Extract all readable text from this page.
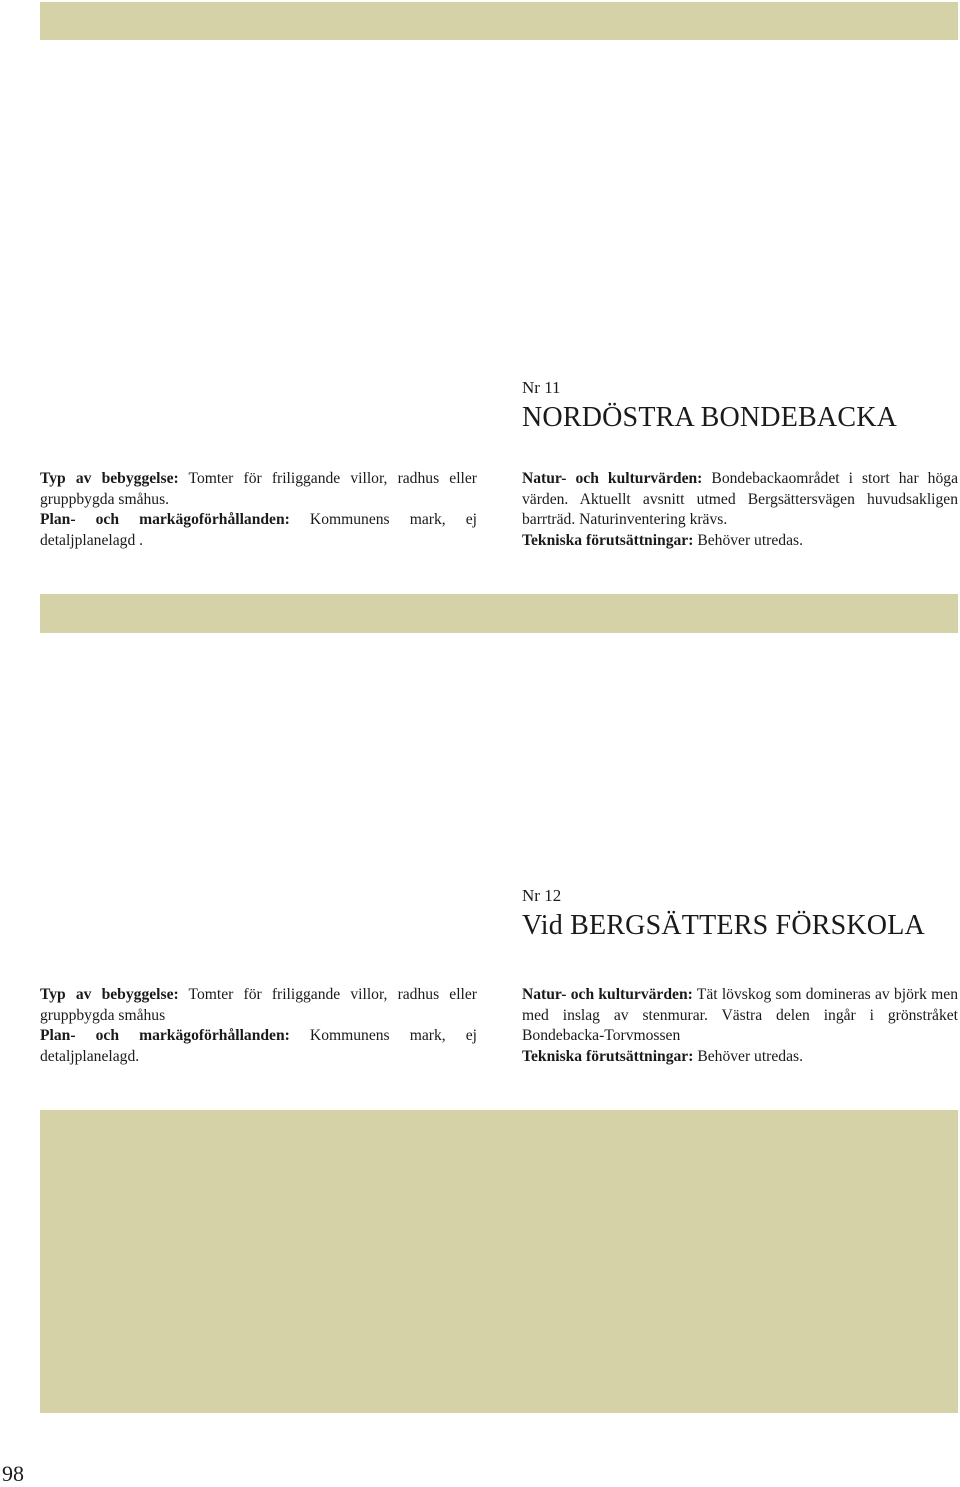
Nr 11
NORDÖSTRA BONDEBACKA

Typ av bebyggelse: Tomter för friliggande villor, radhus eller gruppbygda småhus.

Plan- och markägoförhållanden: Kommunens mark, ej detaljplanelagd .

Natur- och kulturvärden: Bondebackaområdet i stort har höga värden. Aktuellt avsnitt utmed Bergsättersvägen huvudsakligen barrträd. Naturinventering krävs.

Tekniska förutsättningar: Behöver utredas.

Nr 12
Vid BERGSÄTTERS FÖRSKOLA

Typ av bebyggelse: Tomter för friliggande villor, radhus eller gruppbygda småhus

Plan- och markägoförhållanden: Kommunens mark, ej detaljplanelagd.

Natur- och kulturvärden: Tät lövskog som domineras av björk men med inslag av stenmurar. Västra delen ingår i grönstråket Bondebacka-Torvmossen

Tekniska förutsättningar: Behöver utredas.

98
